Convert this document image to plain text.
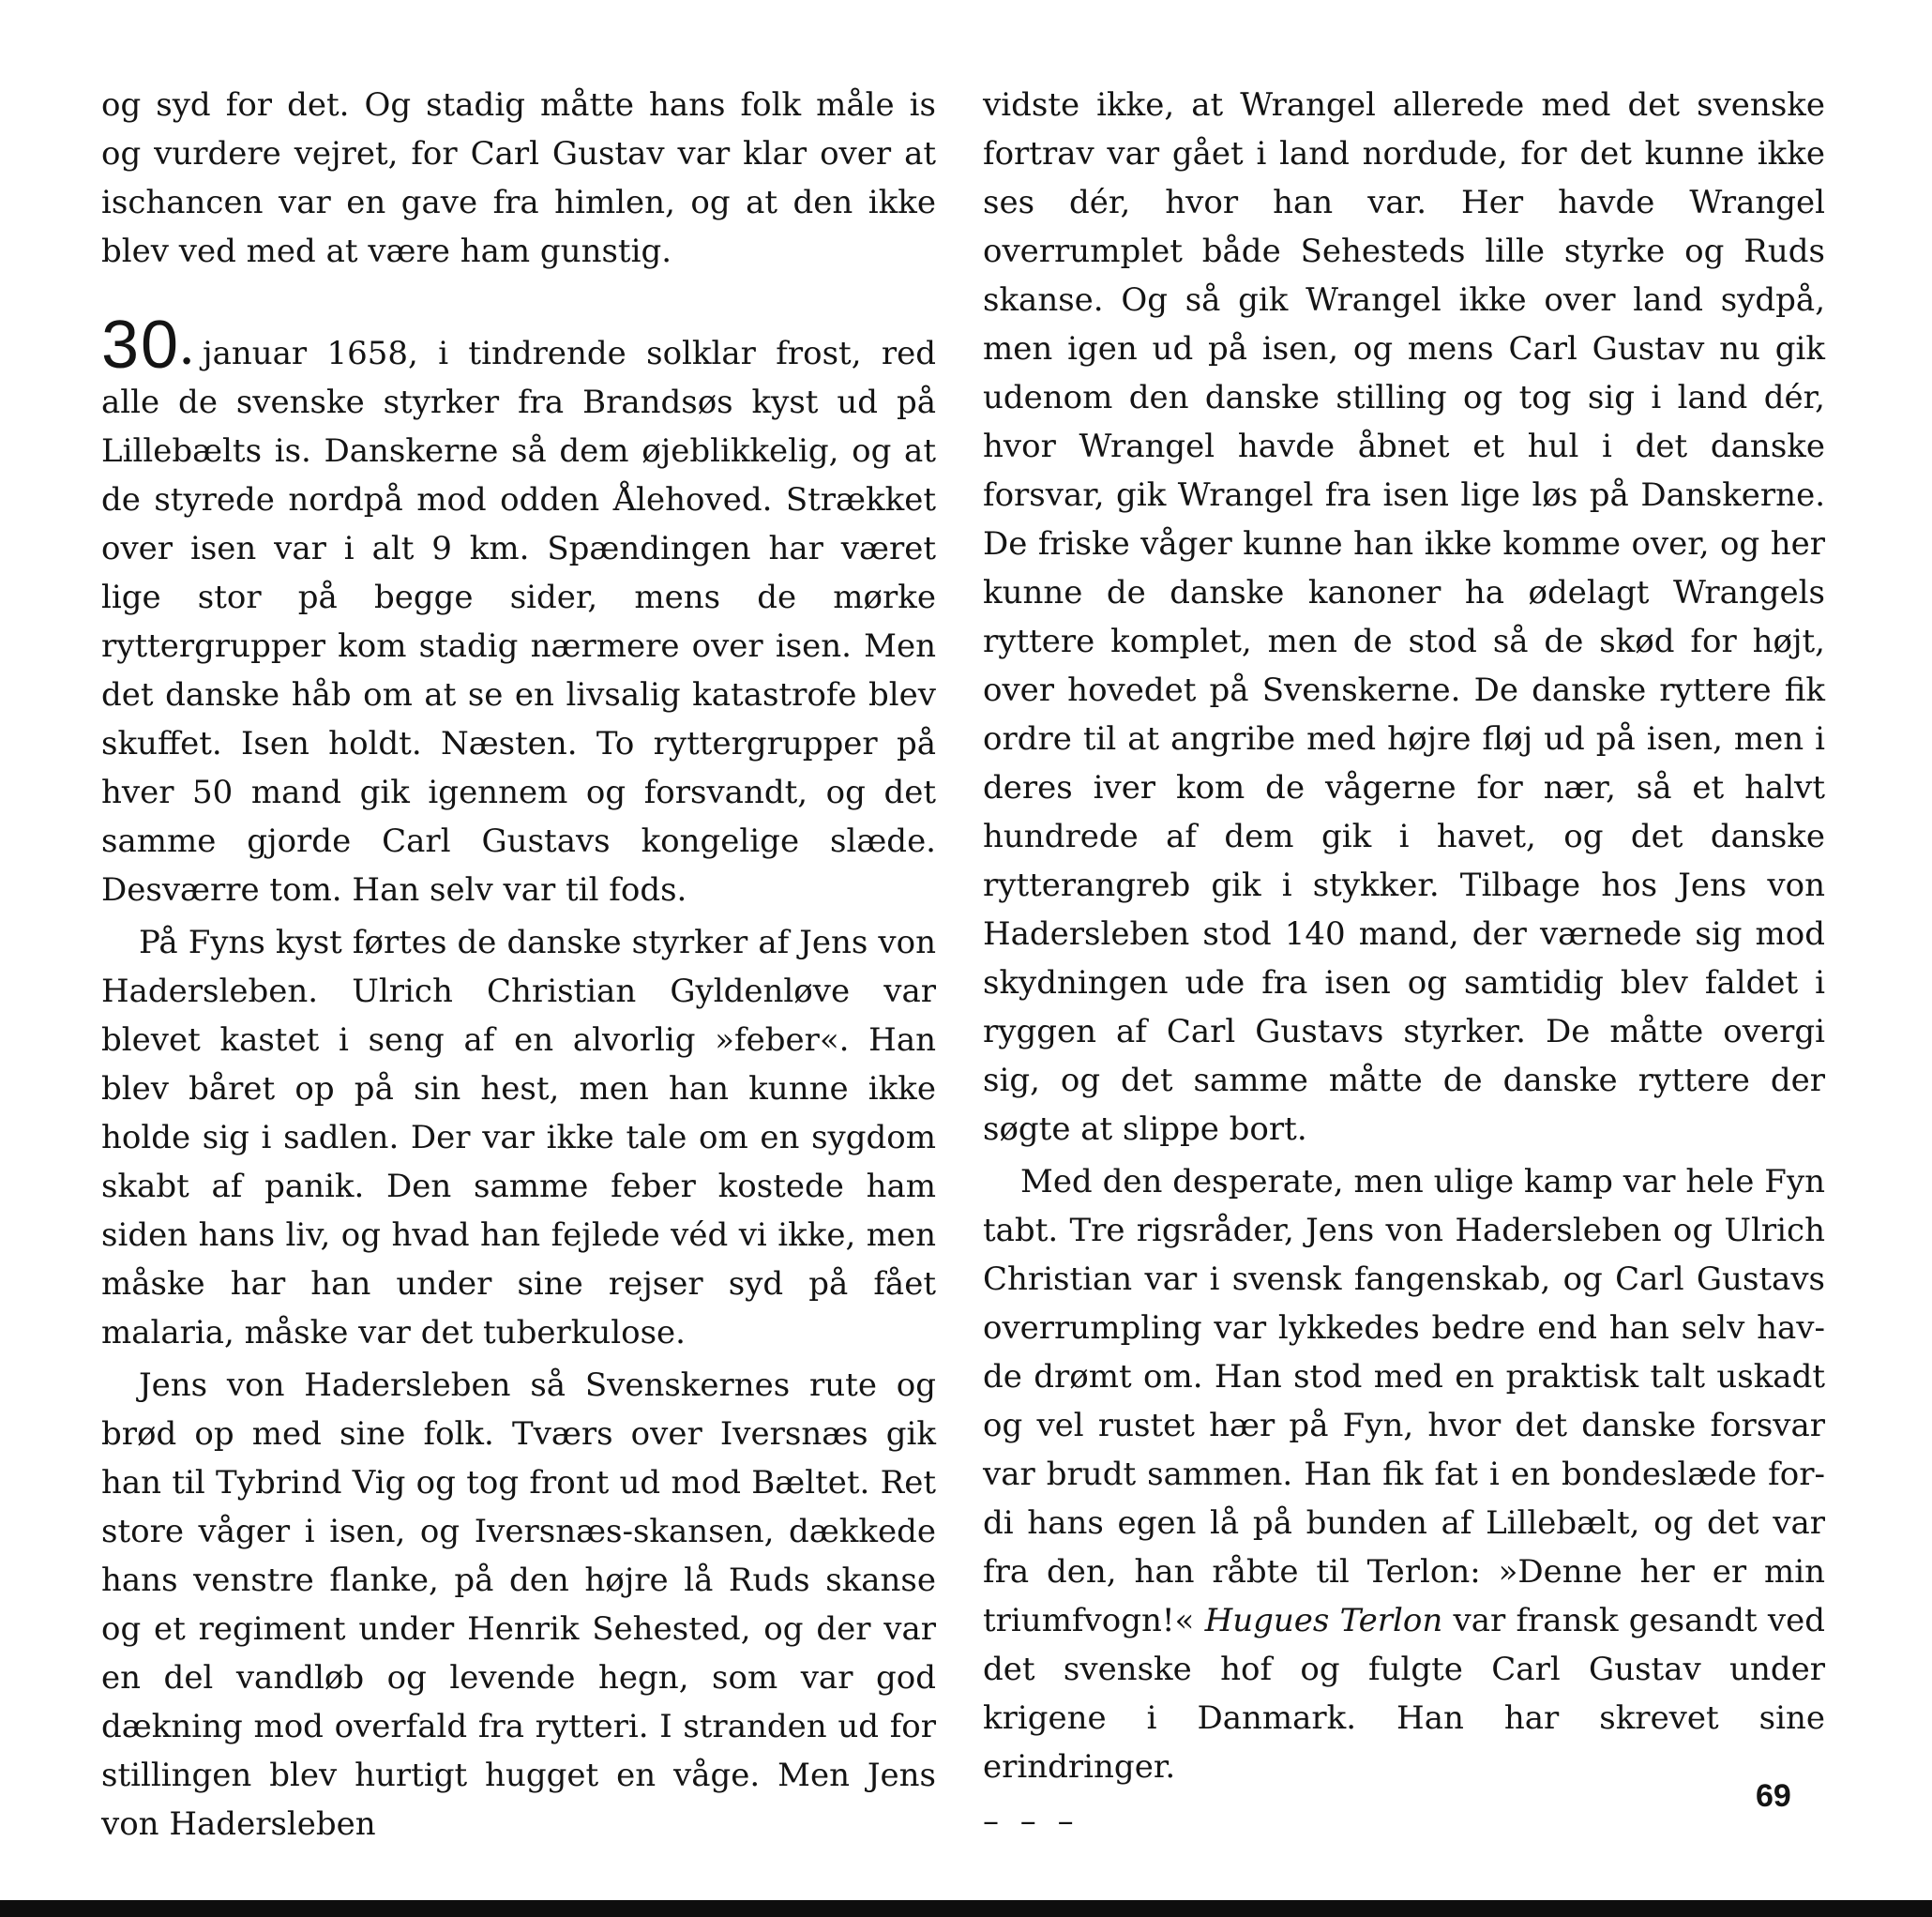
og syd for det. Og stadig måtte hans folk måle is og vurdere vejret, for Carl Gustav var klar over at ischancen var en gave fra himlen, og at den ikke blev ved med at være ham gunstig.

30. januar 1658, i tindrende solklar frost, red alle de svenske styrker fra Brandsøs kyst ud på Lillebælts is. Danskerne så dem øjeblikkelig, og at de styrede nordpå mod odden Ålehoved. Strækket over isen var i alt 9 km. Spændingen har været lige stor på begge sider, mens de mørke ryttergrupper kom stadig nærmere over isen. Men det danske håb om at se en livsalig katastrofe blev skuffet. Isen holdt. Næsten. To ryttergrupper på hver 50 mand gik igennem og forsvandt, og det samme gjorde Carl Gustavs kongelige slæde. Desværre tom. Han selv var til fods.

På Fyns kyst førtes de danske styrker af Jens von Hadersleben. Ulrich Christian Gyldenløve var blevet kastet i seng af en alvorlig »feber«. Han blev båret op på sin hest, men han kunne ikke holde sig i sadlen. Der var ikke tale om en sygdom skabt af panik. Den samme feber kostede ham siden hans liv, og hvad han fejlede véd vi ikke, men måske har han under sine rejser syd på fået malaria, måske var det tuberkulose.

Jens von Hadersleben så Svenskernes rute og brød op med sine folk. Tværs over Iversnæs gik han til Tybrind Vig og tog front ud mod Bæltet. Ret store våger i isen, og Iversnæs-skansen, dækkede hans venstre flanke, på den højre lå Ruds skanse og et regiment under Henrik Sehested, og der var en del vandløb og levende hegn, som var god dækning mod overfald fra rytteri. I stranden ud for stillingen blev hurtigt hugget en våge. Men Jens von Hadersleben

vidste ikke, at Wrangel allerede med det svenske fortrav var gået i land nordude, for det kunne ikke ses dér, hvor han var. Her havde Wrangel overrumplet både Sehesteds lille styrke og Ruds skanse. Og så gik Wrangel ikke over land sydpå, men igen ud på isen, og mens Carl Gustav nu gik udenom den danske stilling og tog sig i land dér, hvor Wrangel havde åbnet et hul i det danske forsvar, gik Wrangel fra isen lige løs på Danskerne. De friske våger kunne han ikke komme over, og her kunne de danske kanoner ha ødelagt Wrangels ryttere komplet, men de stod så de skød for højt, over hovedet på Svenskerne. De danske ryttere fik ordre til at angribe med højre fløj ud på isen, men i deres iver kom de vågerne for nær, så et halvt hundrede af dem gik i havet, og det danske rytterangreb gik i stykker. Tilbage hos Jens von Hadersleben stod 140 mand, der værnede sig mod skydningen ude fra isen og samtidig blev faldet i ryggen af Carl Gustavs styrker. De måtte overgi sig, og det samme måtte de danske ryttere der søgte at slippe bort.

Med den desperate, men ulige kamp var hele Fyn tabt. Tre rigsråder, Jens von Hadersleben og Ulrich Christian var i svensk fangenskab, og Carl Gustavs overrumpling var lykkedes bedre end han selv havde drømt om. Han stod med en praktisk talt uskadt og vel rustet hær på Fyn, hvor det danske forsvar var brudt sammen. Han fik fat i en bondeslæde fordi hans egen lå på bunden af Lillebælt, og det var fra den, han råbte til Terlon: »Denne her er min triumfvogn!« Hugues Terlon var fransk gesandt ved det svenske hof og fulgte Carl Gustav under krigene i Danmark. Han har skrevet sine erindringer.

– – –
69
